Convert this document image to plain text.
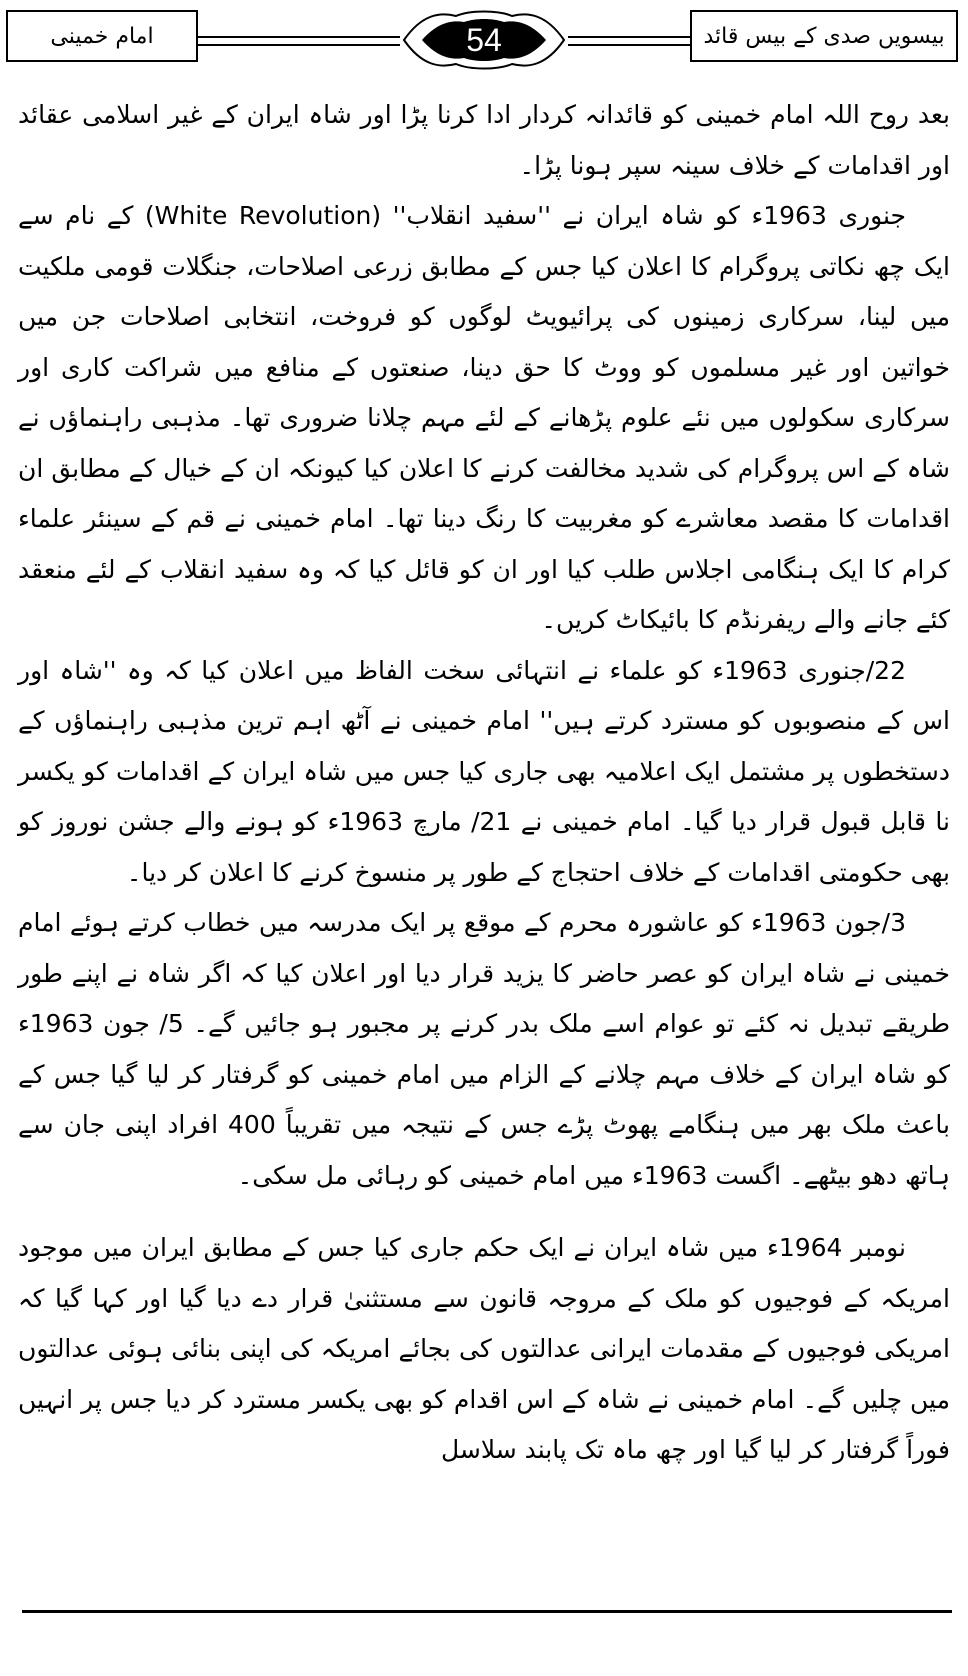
امام خمینی	54	بیسویں صدی کے بیس قائد

بعد روح اللہ امام خمینی کو قائدانہ کردار ادا کرنا پڑا اور شاہ ایران کے غیر اسلامی عقائد اور اقدامات کے خلاف سینہ سپر ہونا پڑا۔

جنوری 1963ء کو شاہ ایران نے ''سفید انقلاب'' (White Revolution) کے نام سے ایک چھ نکاتی پروگرام کا اعلان کیا جس کے مطابق زرعی اصلاحات، جنگلات قومی ملکیت میں لینا، سرکاری زمینوں کی پرائیویٹ لوگوں کو فروخت، انتخابی اصلاحات جن میں خواتین اور غیر مسلموں کو ووٹ کا حق دینا، صنعتوں کے منافع میں شراکت کاری اور سرکاری سکولوں میں نئے علوم پڑھانے کے لئے مہم چلانا ضروری تھا۔ مذہبی راہنماؤں نے شاہ کے اس پروگرام کی شدید مخالفت کرنے کا اعلان کیا کیونکہ ان کے خیال کے مطابق ان اقدامات کا مقصد معاشرے کو مغربیت کا رنگ دینا تھا۔ امام خمینی نے قم کے سینئر علماء کرام کا ایک ہنگامی اجلاس طلب کیا اور ان کو قائل کیا کہ وہ سفید انقلاب کے لئے منعقد کئے جانے والے ریفرنڈم کا بائیکاٹ کریں۔

22/جنوری 1963ء کو علماء نے انتہائی سخت الفاظ میں اعلان کیا کہ وہ ''شاہ اور اس کے منصوبوں کو مسترد کرتے ہیں'' امام خمینی نے آٹھ اہم ترین مذہبی راہنماؤں کے دستخطوں پر مشتمل ایک اعلامیہ بھی جاری کیا جس میں شاہ ایران کے اقدامات کو یکسر نا قابل قبول قرار دیا گیا۔ امام خمینی نے 21/ مارچ 1963ء کو ہونے والے جشن نوروز کو بھی حکومتی اقدامات کے خلاف احتجاج کے طور پر منسوخ کرنے کا اعلان کر دیا۔

3/جون 1963ء کو عاشورہ محرم کے موقع پر ایک مدرسہ میں خطاب کرتے ہوئے امام خمینی نے شاہ ایران کو عصر حاضر کا یزید قرار دیا اور اعلان کیا کہ اگر شاہ نے اپنے طور طریقے تبدیل نہ کئے تو عوام اسے ملک بدر کرنے پر مجبور ہو جائیں گے۔ 5/ جون 1963ء کو شاہ ایران کے خلاف مہم چلانے کے الزام میں امام خمینی کو گرفتار کر لیا گیا جس کے باعث ملک بھر میں ہنگامے پھوٹ پڑے جس کے نتیجہ میں تقریباً 400 افراد اپنی جان سے ہاتھ دھو بیٹھے۔ اگست 1963ء میں امام خمینی کو رہائی مل سکی۔

نومبر 1964ء میں شاہ ایران نے ایک حکم جاری کیا جس کے مطابق ایران میں موجود امریکہ کے فوجیوں کو ملک کے مروجہ قانون سے مستثنیٰ قرار دے دیا گیا اور کہا گیا کہ امریکی فوجیوں کے مقدمات ایرانی عدالتوں کی بجائے امریکہ کی اپنی بنائی ہوئی عدالتوں میں چلیں گے۔ امام خمینی نے شاہ کے اس اقدام کو بھی یکسر مسترد کر دیا جس پر انہیں فوراً گرفتار کر لیا گیا اور چھ ماہ تک پابند سلاسل
